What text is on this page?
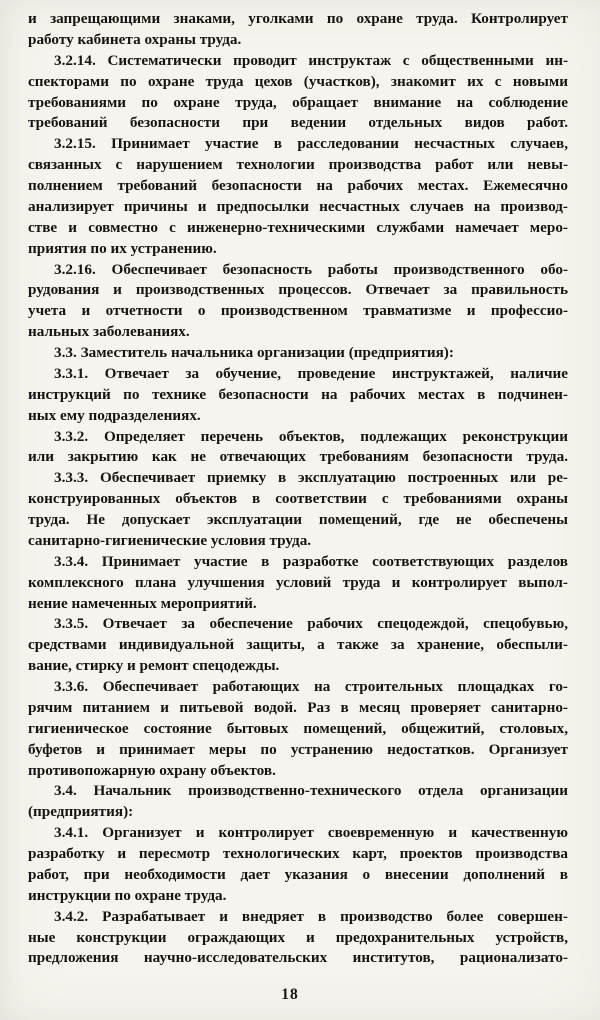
и запрещающими знаками, уголками по охране труда. Контролирует
работу кабинета охраны труда.
3.2.14. Систематически проводит инструктаж с общественными ин-
спекторами по охране труда цехов (участков), знакомит их с новыми
требованиями по охране труда, обращает внимание на соблюдение
требований безопасности при ведении отдельных видов работ.
3.2.15. Принимает участие в расследовании несчастных случаев,
связанных с нарушением технологии производства работ или невы-
полнением требований безопасности на рабочих местах. Ежемесячно
анализирует причины и предпосылки несчастных случаев на производ-
стве и совместно с инженерно-техническими службами намечает меро-
приятия по их устранению.
3.2.16. Обеспечивает безопасность работы производственного обо-
рудования и производственных процессов. Отвечает за правильность
учета и отчетности о производственном травматизме и профессио-
нальных заболеваниях.
3.3. Заместитель начальника организации (предприятия):
3.3.1. Отвечает за обучение, проведение инструктажей, наличие
инструкций по технике безопасности на рабочих местах в подчинен-
ных ему подразделениях.
3.3.2. Определяет перечень объектов, подлежащих реконструкции
или закрытию как не отвечающих требованиям безопасности труда.
3.3.3. Обеспечивает приемку в эксплуатацию построенных или ре-
конструированных объектов в соответствии с требованиями охраны
труда. Не допускает эксплуатации помещений, где не обеспечены
санитарно-гигиенические условия труда.
3.3.4. Принимает участие в разработке соответствующих разделов
комплексного плана улучшения условий труда и контролирует выпол-
нение намеченных мероприятий.
3.3.5. Отвечает за обеспечение рабочих спецодеждой, спецобувью,
средствами индивидуальной защиты, а также за хранение, обеспыли-
вание, стирку и ремонт спецодежды.
3.3.6. Обеспечивает работающих на строительных площадках го-
рячим питанием и питьевой водой. Раз в месяц проверяет санитарно-
гигиеническое состояние бытовых помещений, общежитий, столовых,
буфетов и принимает меры по устранению недостатков. Организует
противопожарную охрану объектов.
3.4. Начальник производственно-технического отдела организации
(предприятия):
3.4.1. Организует и контролирует своевременную и качественную
разработку и пересмотр технологических карт, проектов производства
работ, при необходимости дает указания о внесении дополнений в
инструкции по охране труда.
3.4.2. Разрабатывает и внедряет в производство более совершен-
ные конструкции ограждающих и предохранительных устройств,
предложения научно-исследовательских институтов, рационализато-
18
